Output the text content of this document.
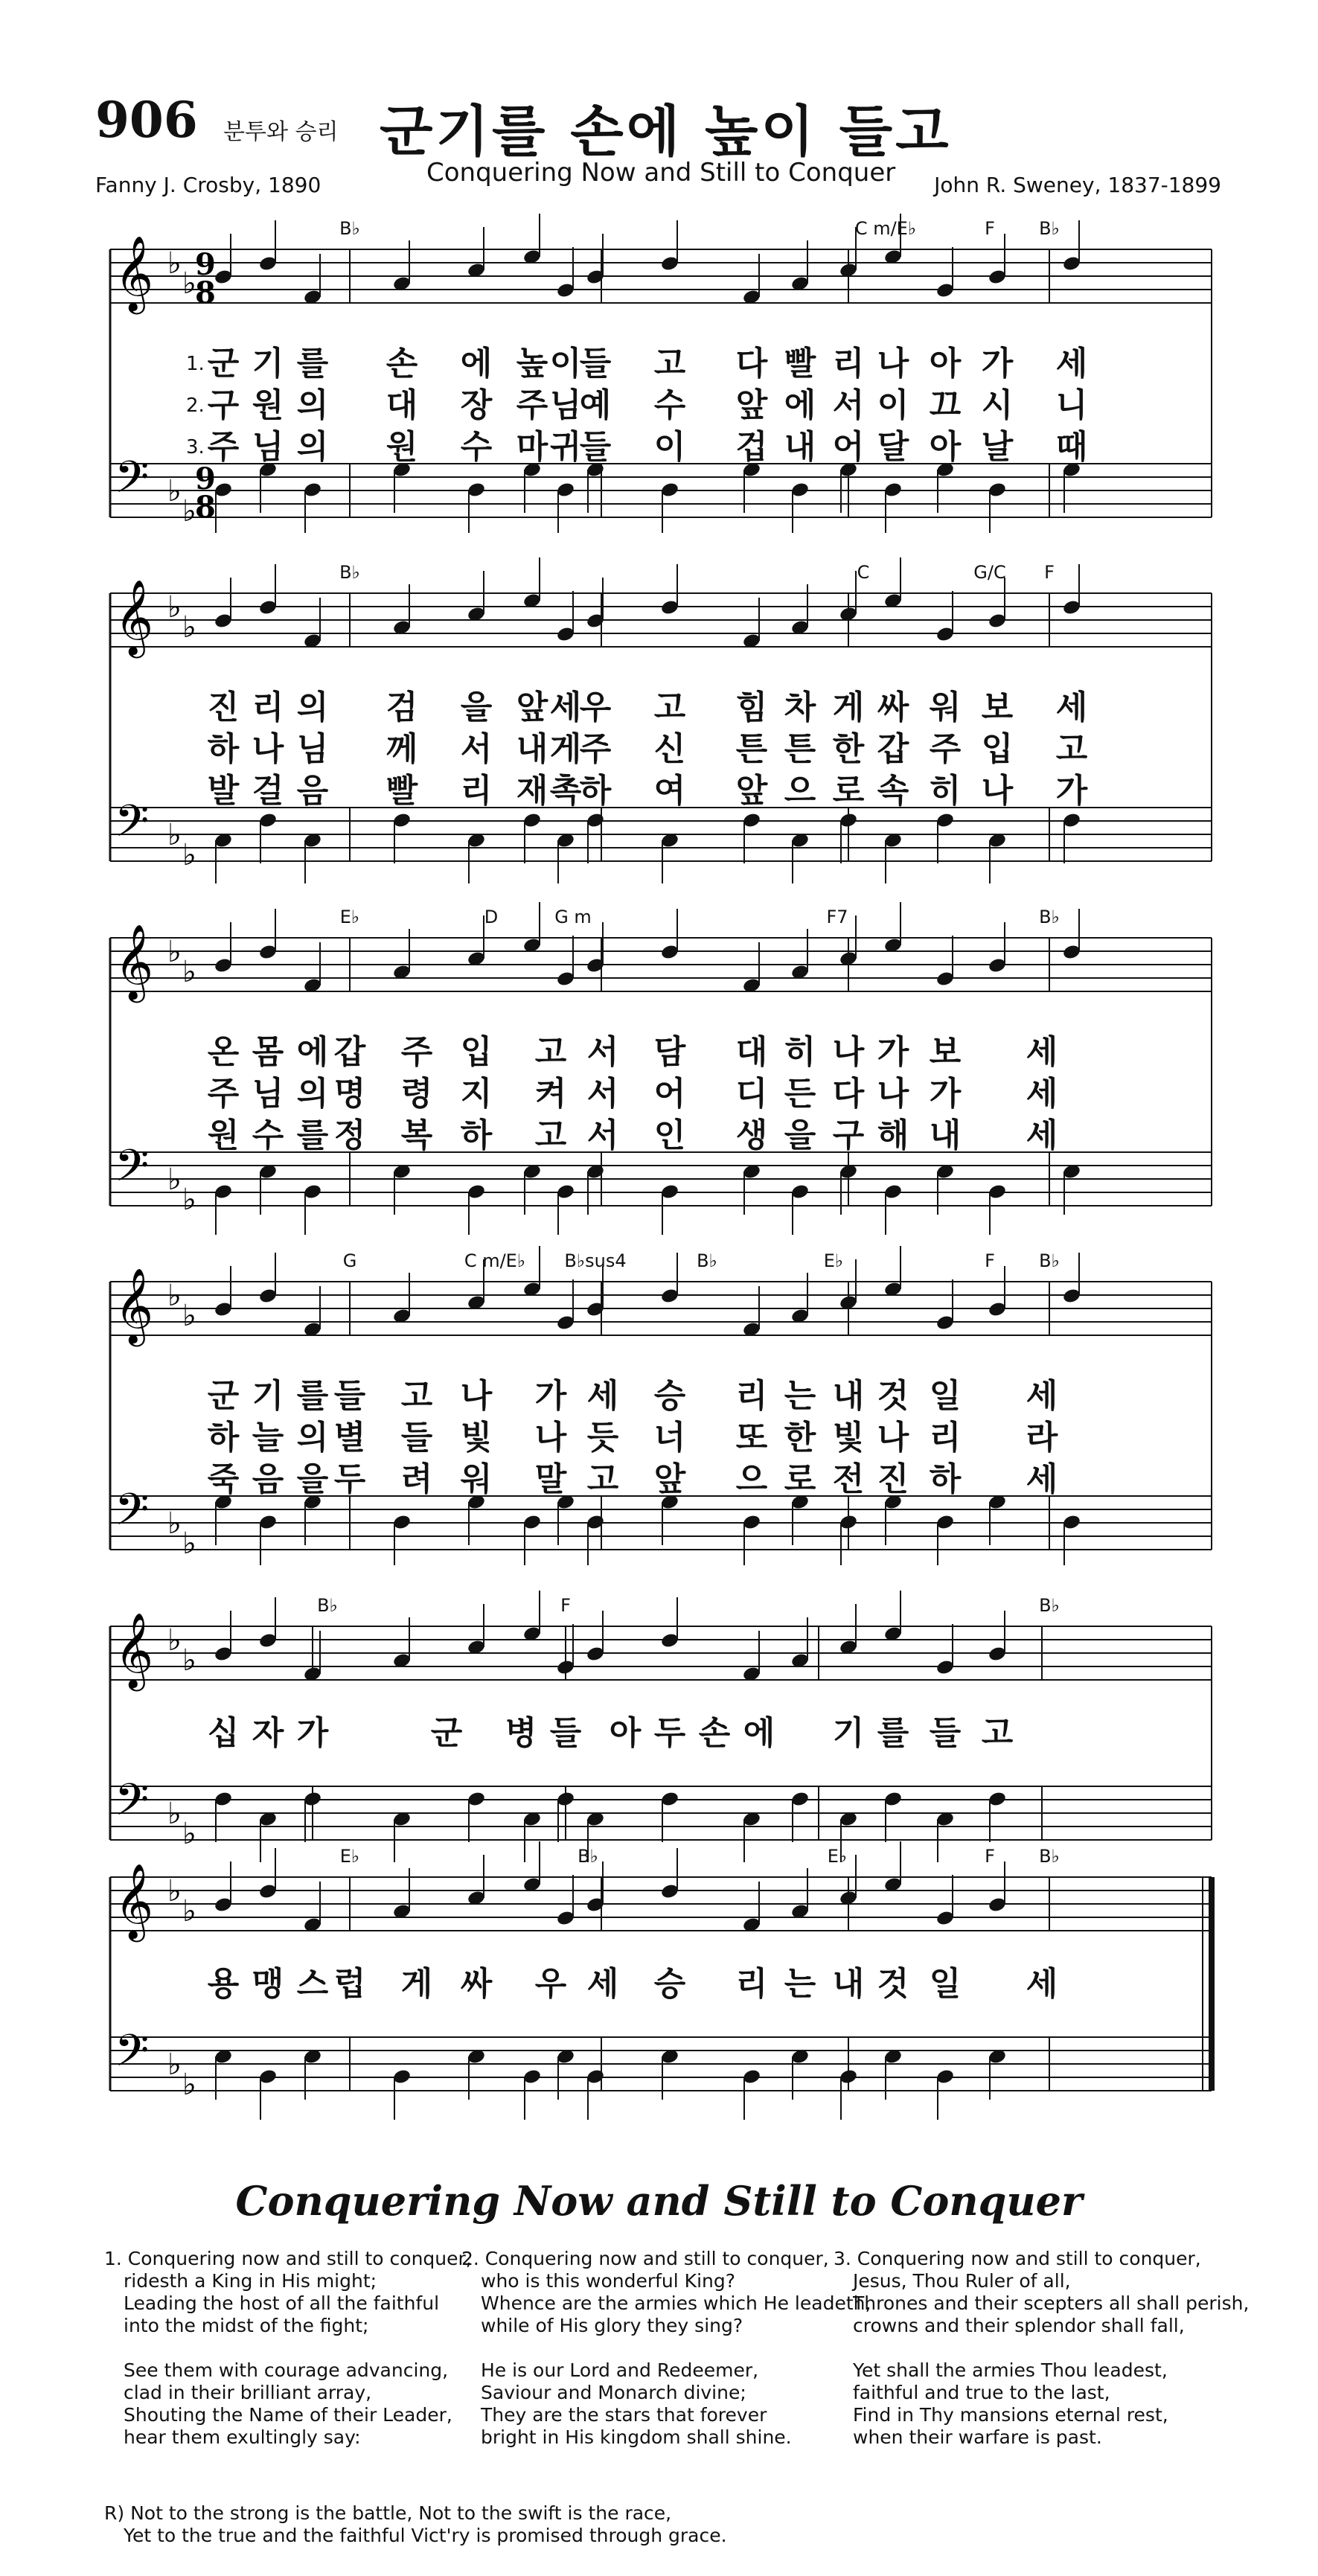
906 분투와 승리 군기를 손에 높이 들고
Conquering Now and Still to Conquer
Fanny J. Crosby, 1890	John R. Sweney, 1837-1899
𝄞
𝄢
♭
♭
♭
♭
9
8
9
8
B♭	C m/E♭	F B♭
1. 군 기 를 손 에 높 이
들 고 다 빨 리 나 아 가 세
2. 구 원 의 대 장 주 님
예 수 앞 에 서 이 끄 시 니
3. 주 님 의 원 수 마 귀
들 이 겁 내 어 달 아 날 때
𝄞
𝄢
♭
♭
♭
♭
B♭	C	G/C F
진 리 의 검 을 앞 세
우 고 힘 차 게 싸 워 보 세
하 나 님 께 서 내 게
주 신 튼 튼 한 갑 주 입 고
발 걸 음 빨 리 재 촉
하 여 앞 으 로 속 히 나 가
𝄞
𝄢
♭
♭
♭
♭
E♭	D	G m	F7	B♭
온 몸 에 갑 주 입 고 서 담 대 히 나 가 보 세
주 님 의 명 령 지 켜 서 어 디 든 다 나 가 세
원 수 를 정 복 하 고 서 인 생 을 구 해 내 세
𝄞
𝄢
♭
♭
♭
♭
G	C m/E♭ B♭sus4	B♭	E♭	F B♭
군 기 를 들 고 나 가 세 승 리 는 내 것 일 세
하 늘 의 별 들 빛 나 듯 너 또 한 빛 나 리 라
죽 음 을 두 려 워 말 고 앞 으 로 전 진 하 세
𝄞
𝄢
♭
♭
♭
♭
B♭	F	B♭
십 자 가	군 병 들 아 두 손 에 기 를 들 고
𝄞
𝄢
♭
♭
♭
♭
E♭	B♭	E♭	F B♭
용 맹 스 럽 게 싸 우 세 승 리 는 내 것 일 세
Conquering Now and Still to Conquer
1. Conquering now and still to conquer,
ridesth a King in His might;
Leading the host of all the faithful
into the midst of the fight;
See them with courage advancing,
clad in their brilliant array,
Shouting the Name of their Leader,
hear them exultingly say:
2. Conquering now and still to conquer,
who is this wonderful King?
Whence are the armies which He leadeth,
while of His glory they sing?
He is our Lord and Redeemer,
Saviour and Monarch divine;
They are the stars that forever
bright in His kingdom shall shine.
3. Conquering now and still to conquer,
Jesus, Thou Ruler of all,
Thrones and their scepters all shall perish,
crowns and their splendor shall fall,
Yet shall the armies Thou leadest,
faithful and true to the last,
Find in Thy mansions eternal rest,
when their warfare is past.
R) Not to the strong is the battle, Not to the swift is the race,
Yet to the true and the faithful Vict'ry is promised through grace.
